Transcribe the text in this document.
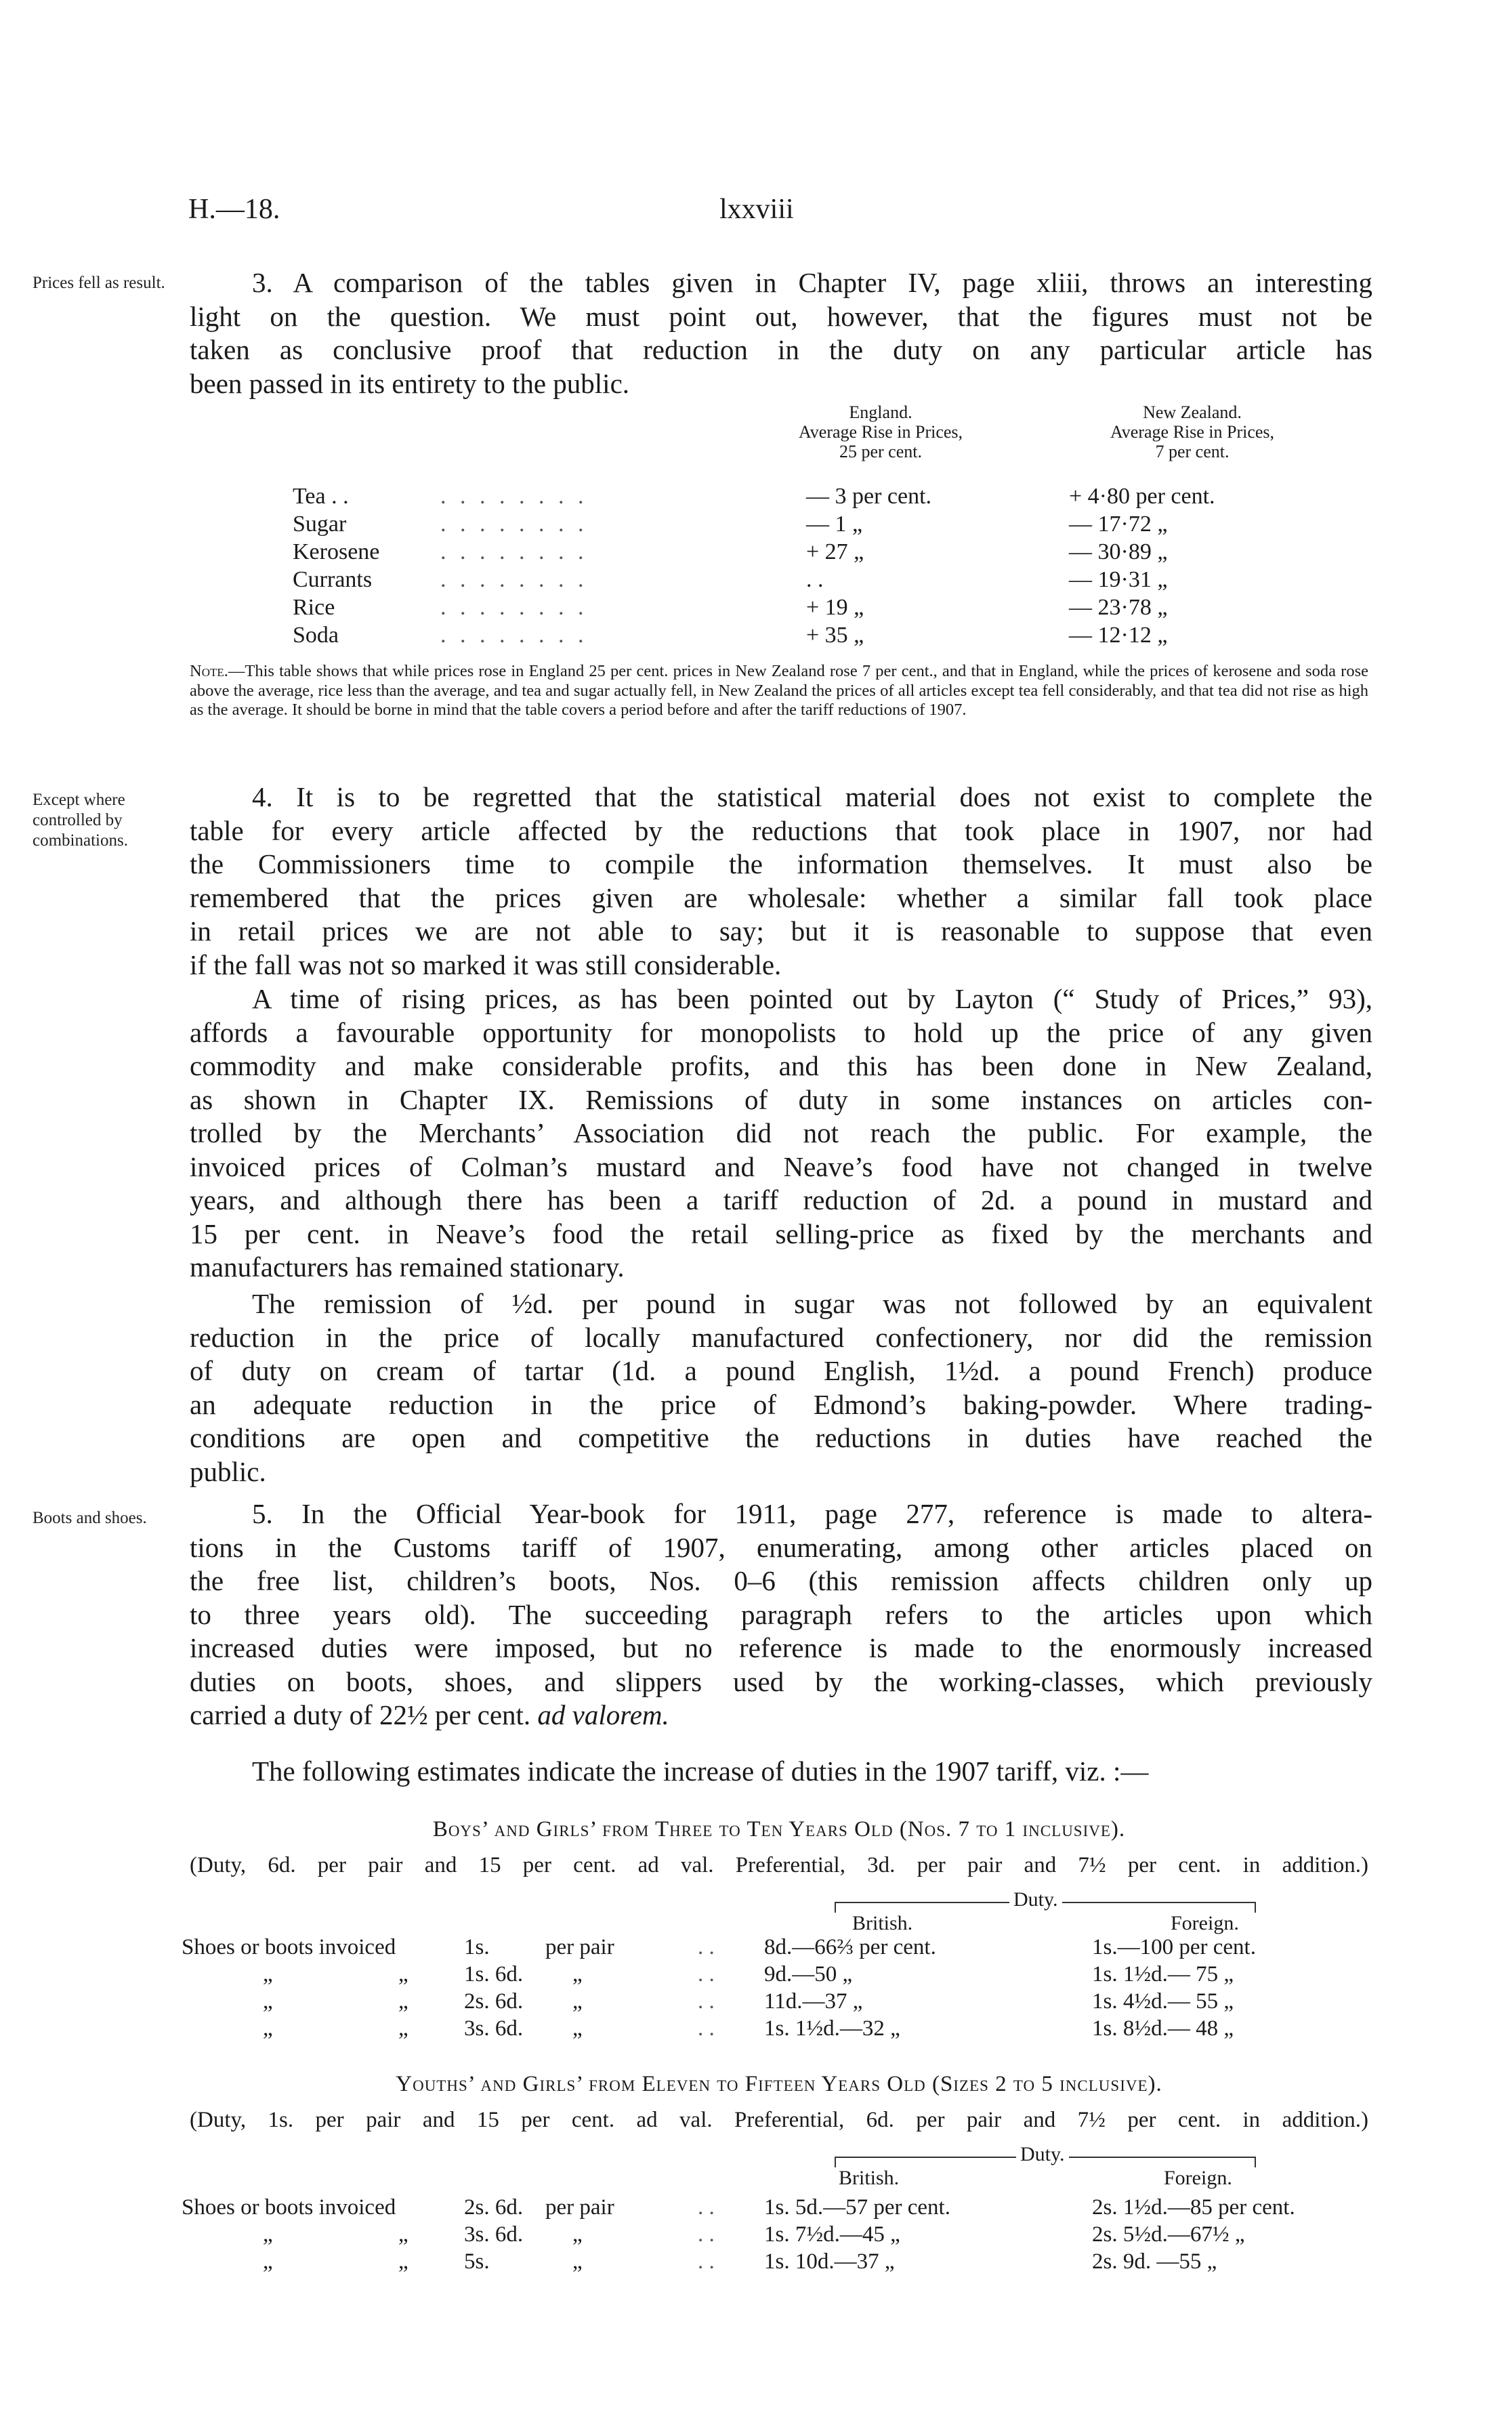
H.—18.	lxxviii
Prices fell as result.
Except where controlled by combinations.
Boots and shoes.
3. A comparison of the tables given in Chapter IV, page xliii, throws an interesting
light on the question. We must point out, however, that the figures must not be
taken as conclusive proof that reduction in the duty on any particular article has
been passed in its entirety to the public.
England.
Average Rise in Prices,
25 per cent.
New Zealand.
Average Rise in Prices,
7 per cent.
Tea . .	. . . . . . . .	— 3 per cent.	+ 4·80 per cent.
Sugar	. . . . . . . .	— 1 „	— 17·72 „
Kerosene	. . . . . . . .	+ 27 „	— 30·89 „
Currants	. . . . . . . .	. .	— 19·31 „
Rice	. . . . . . . .	+ 19 „	— 23·78 „
Soda	. . . . . . . .	+ 35 „	— 12·12 „
Note.—This table shows that while prices rose in England 25 per cent. prices in New Zealand rose 7 per cent., and that in England, while the prices of kerosene and soda rose above the average, rice less than the average, and tea and sugar actually fell, in New Zealand the prices of all articles except tea fell considerably, and that tea did not rise as high as the average. It should be borne in mind that the table covers a period before and after the tariff reductions of 1907.
4. It is to be regretted that the statistical material does not exist to complete the
table for every article affected by the reductions that took place in 1907, nor had
the Commissioners time to compile the information themselves. It must also be
remembered that the prices given are wholesale: whether a similar fall took place
in retail prices we are not able to say; but it is reasonable to suppose that even
if the fall was not so marked it was still considerable.
A time of rising prices, as has been pointed out by Layton (“ Study of Prices,” 93),
affords a favourable opportunity for monopolists to hold up the price of any given
commodity and make considerable profits, and this has been done in New Zealand,
as shown in Chapter IX. Remissions of duty in some instances on articles con-
trolled by the Merchants’ Association did not reach the public. For example, the
invoiced prices of Colman’s mustard and Neave’s food have not changed in twelve
years, and although there has been a tariff reduction of 2d. a pound in mustard and
15 per cent. in Neave’s food the retail selling-price as fixed by the merchants and
manufacturers has remained stationary.
The remission of ½d. per pound in sugar was not followed by an equivalent
reduction in the price of locally manufactured confectionery, nor did the remission
of duty on cream of tartar (1d. a pound English, 1½d. a pound French) produce
an adequate reduction in the price of Edmond’s baking-powder. Where trading-
conditions are open and competitive the reductions in duties have reached the
public.
5. In the Official Year-book for 1911, page 277, reference is made to altera-
tions in the Customs tariff of 1907, enumerating, among other articles placed on
the free list, children’s boots, Nos. 0–6 (this remission affects children only up
to three years old). The succeeding paragraph refers to the articles upon which
increased duties were imposed, but no reference is made to the enormously increased
duties on boots, shoes, and slippers used by the working-classes, which previously
carried a duty of 22½ per cent. ad valorem.
The following estimates indicate the increase of duties in the 1907 tariff, viz. :—
Boys’ and Girls’ from Three to Ten Years Old (Nos. 7 to 1 inclusive).
(Duty, 6d. per pair and 15 per cent. ad val. Preferential, 3d. per pair and 7½ per cent. in addition.)
Duty.
British.	Foreign.
Shoes or boots invoiced	1s. per pair	. . 8d.—66⅔ per cent.	1s.—100 per cent.
„	„ 1s. 6d. „	. . 9d.—50 „	1s. 1½d.— 75 „
„	„ 2s. 6d. „	. . 11d.—37 „	1s. 4½d.— 55 „
„	„ 3s. 6d. „	. . 1s. 1½d.—32 „	1s. 8½d.— 48 „
Youths’ and Girls’ from Eleven to Fifteen Years Old (Sizes 2 to 5 inclusive).
(Duty, 1s. per pair and 15 per cent. ad val. Preferential, 6d. per pair and 7½ per cent. in addition.)
Duty.
British.	Foreign.
Shoes or boots invoiced	2s. 6d. per pair	. . 1s. 5d.—57 per cent.	2s. 1½d.—85 per cent.
„	„ 3s. 6d. „	. . 1s. 7½d.—45 „	2s. 5½d.—67½ „
„	„ 5s.	„	. . 1s. 10d.—37 „	2s. 9d. —55 „
